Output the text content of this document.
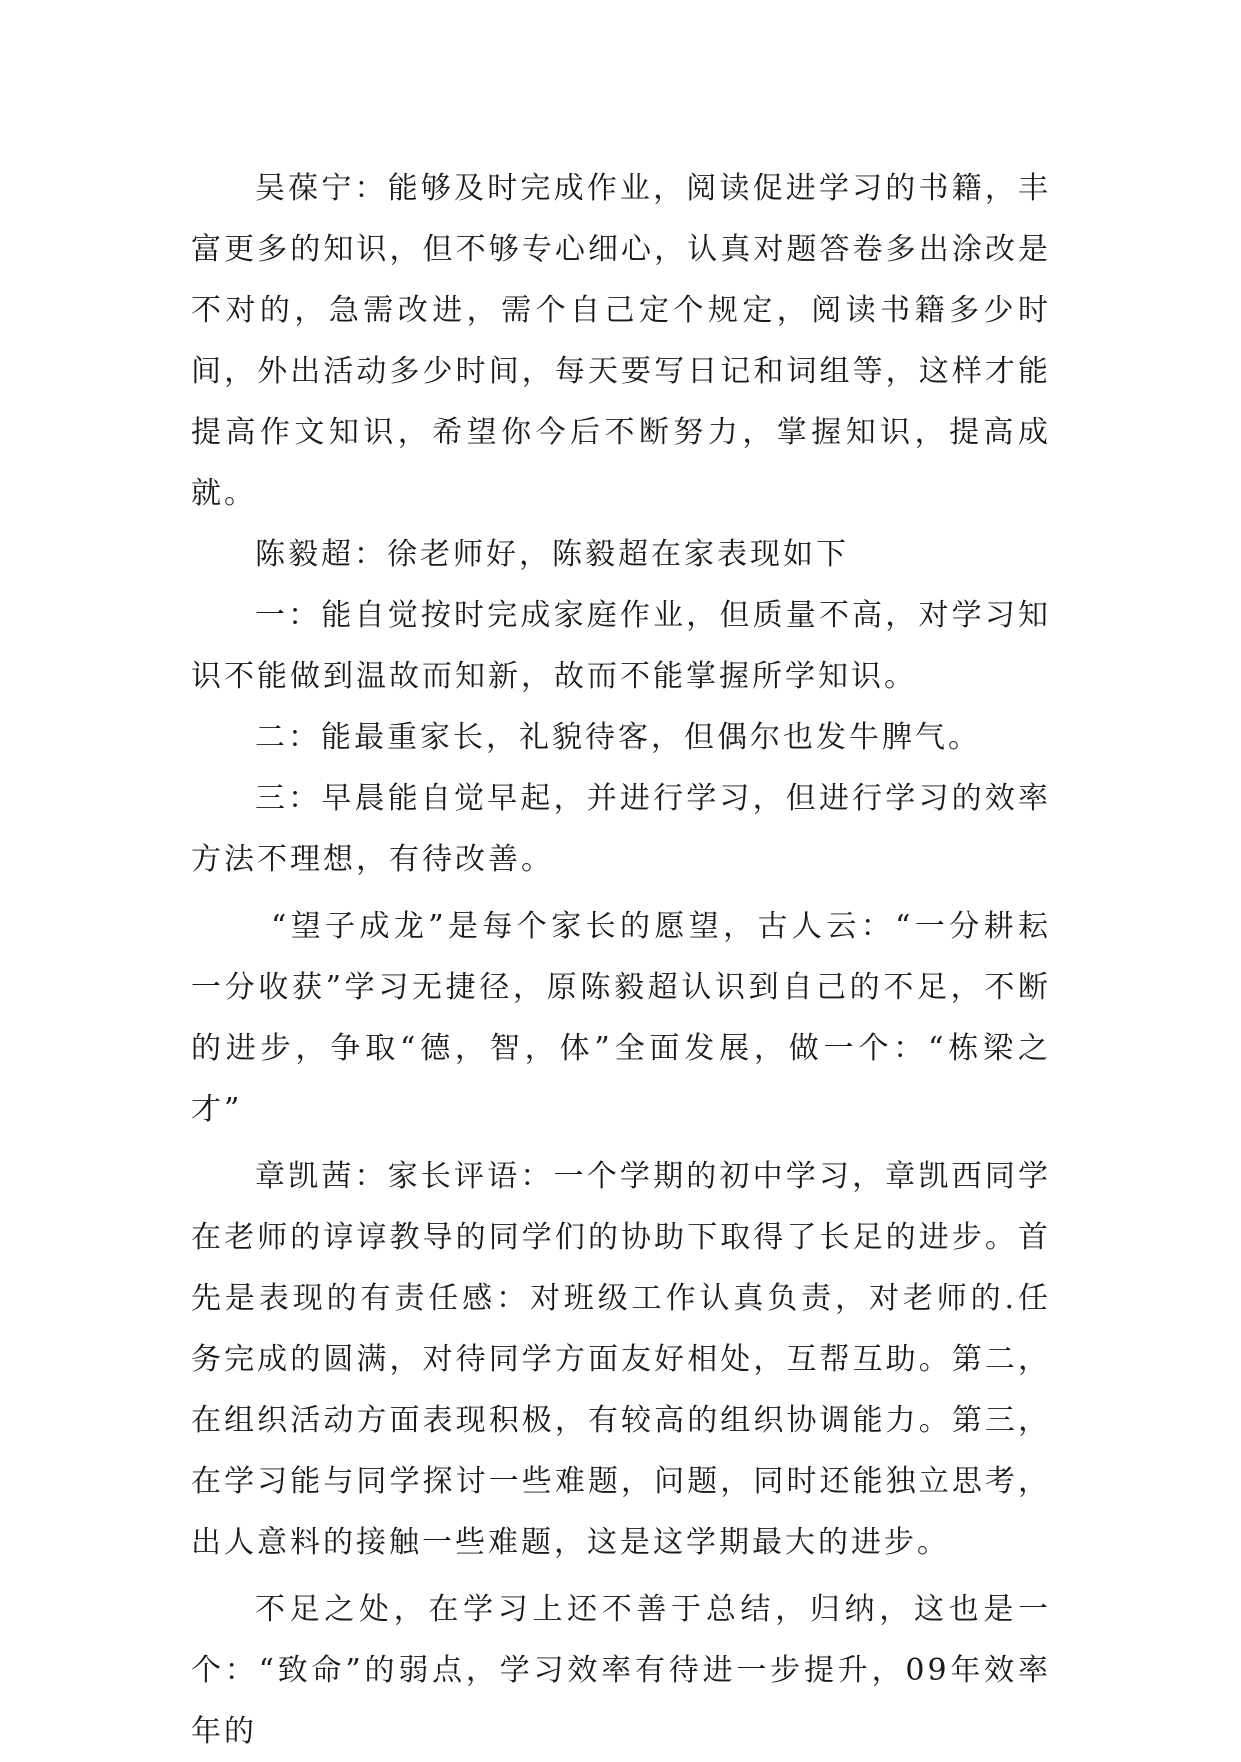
吴葆宁：能够及时完成作业，阅读促进学习的书籍，丰富更多的知识，但不够专心细心，认真对题答卷多出涂改是不对的，急需改进，需个自己定个规定，阅读书籍多少时间，外出活动多少时间，每天要写日记和词组等，这样才能提高作文知识，希望你今后不断努力，掌握知识，提高成就。

陈毅超：徐老师好，陈毅超在家表现如下

一：能自觉按时完成家庭作业，但质量不高，对学习知识不能做到温故而知新，故而不能掌握所学知识。

二：能最重家长，礼貌待客，但偶尔也发牛脾气。

三：早晨能自觉早起，并进行学习，但进行学习的效率方法不理想，有待改善。

“望子成龙”是每个家长的愿望，古人云：“一分耕耘一分收获”学习无捷径，原陈毅超认识到自己的不足，不断的进步，争取“德，智，体”全面发展，做一个：“栋梁之才”

章凯茜：家长评语：一个学期的初中学习，章凯西同学在老师的谆谆教导的同学们的协助下取得了长足的进步。首先是表现的有责任感：对班级工作认真负责，对老师的.任务完成的圆满，对待同学方面友好相处，互帮互助。第二，在组织活动方面表现积极，有较高的组织协调能力。第三，在学习能与同学探讨一些难题，问题，同时还能独立思考，出人意料的接触一些难题，这是这学期最大的进步。

不足之处，在学习上还不善于总结，归纳，这也是一个：“致命”的弱点，学习效率有待进一步提升，09年效率年的
